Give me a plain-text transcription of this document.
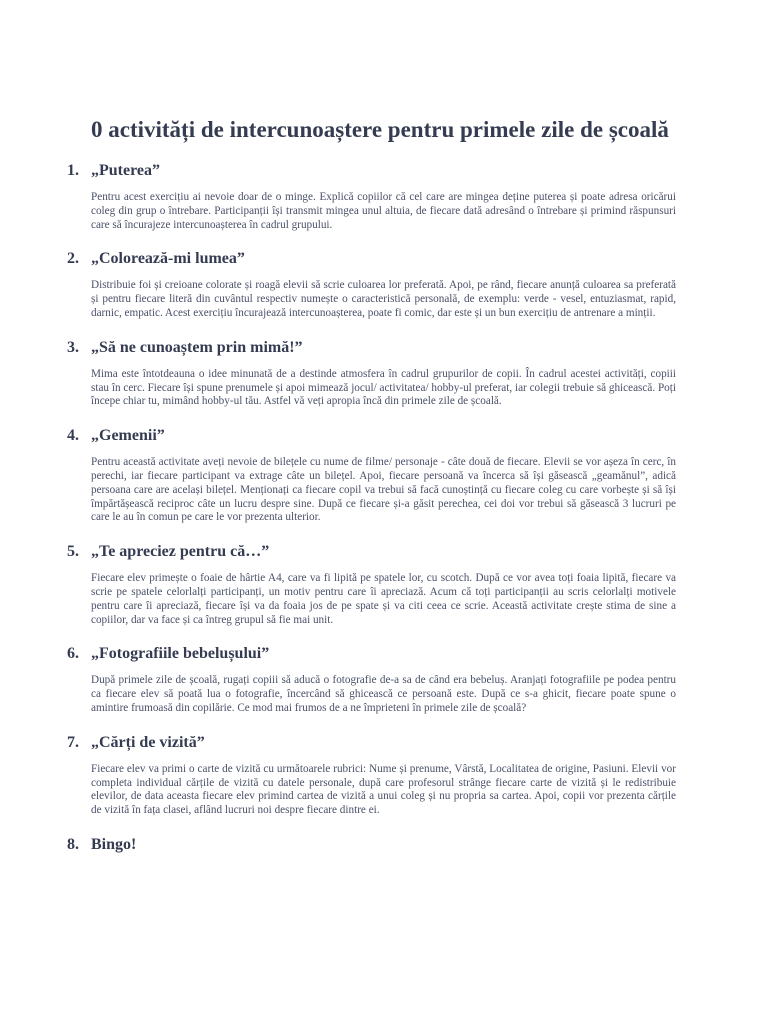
0 activități de intercunoaștere pentru primele zile de școală
1. „Puterea”

Pentru acest exercițiu ai nevoie doar de o minge. Explică copiilor că cel care are mingea deține puterea și poate adresa oricărui coleg din grup o întrebare. Participanții își transmit mingea unul altuia, de fiecare dată adresând o întrebare și primind răspunsuri care să încurajeze intercunoașterea în cadrul grupului.

2. „Colorează-mi lumea”

Distribuie foi și creioane colorate și roagă elevii să scrie culoarea lor preferată. Apoi, pe rând, fiecare anunță culoarea sa preferată și pentru fiecare literă din cuvântul respectiv numește o caracteristică personală, de exemplu: verde - vesel, entuziasmat, rapid, darnic, empatic. Acest exercițiu încurajează intercunoașterea, poate fi comic, dar este și un bun exercițiu de antrenare a minții.

3. „Să ne cunoaștem prin mimă!”

Mima este întotdeauna o idee minunată de a destinde atmosfera în cadrul grupurilor de copii. În cadrul acestei activități, copiii stau în cerc. Fiecare își spune prenumele și apoi mimează jocul/ activitatea/ hobby-ul preferat, iar colegii trebuie să ghicească. Poți începe chiar tu, mimând hobby-ul tău. Astfel vă veți apropia încă din primele zile de școală.

4. „Gemenii”

Pentru această activitate aveți nevoie de bilețele cu nume de filme/ personaje - câte două de fiecare. Elevii se vor așeza în cerc, în perechi, iar fiecare participant va extrage câte un bilețel. Apoi, fiecare persoană va încerca să își găsească „geamănul”, adică persoana care are același bilețel. Menționați ca fiecare copil va trebui să facă cunoștință cu fiecare coleg cu care vorbește și să își împărtășească reciproc câte un lucru despre sine. După ce fiecare și-a găsit perechea, cei doi vor trebui să găsească 3 lucruri pe care le au în comun pe care le vor prezenta ulterior.

5. „Te apreciez pentru că…”

Fiecare elev primește o foaie de hârtie A4, care va fi lipită pe spatele lor, cu scotch. După ce vor avea toți foaia lipită, fiecare va scrie pe spatele celorlalți participanți, un motiv pentru care îi apreciază. Acum că toți participanții au scris celorlalți motivele pentru care îi apreciază, fiecare își va da foaia jos de pe spate și va citi ceea ce scrie. Această activitate crește stima de sine a copiilor, dar va face și ca întreg grupul să fie mai unit.

6. „Fotografiile bebelușului”

După primele zile de școală, rugați copiii să aducă o fotografie de-a sa de când era bebeluș. Aranjați fotografiile pe podea pentru ca fiecare elev să poată lua o fotografie, încercând să ghicească ce persoană este. După ce s-a ghicit, fiecare poate spune o amintire frumoasă din copilărie. Ce mod mai frumos de a ne împrieteni în primele zile de școală?

7. „Cărți de vizită”

Fiecare elev va primi o carte de vizită cu următoarele rubrici: Nume și prenume, Vârstă, Localitatea de origine, Pasiuni. Elevii vor completa individual cărțile de vizită cu datele personale, după care profesorul strânge fiecare carte de vizită și le redistribuie elevilor, de data aceasta fiecare elev primind cartea de vizită a unui coleg și nu propria sa cartea. Apoi, copii vor prezenta cărțile de vizită în fața clasei, aflând lucruri noi despre fiecare dintre ei.

8. Bingo!
